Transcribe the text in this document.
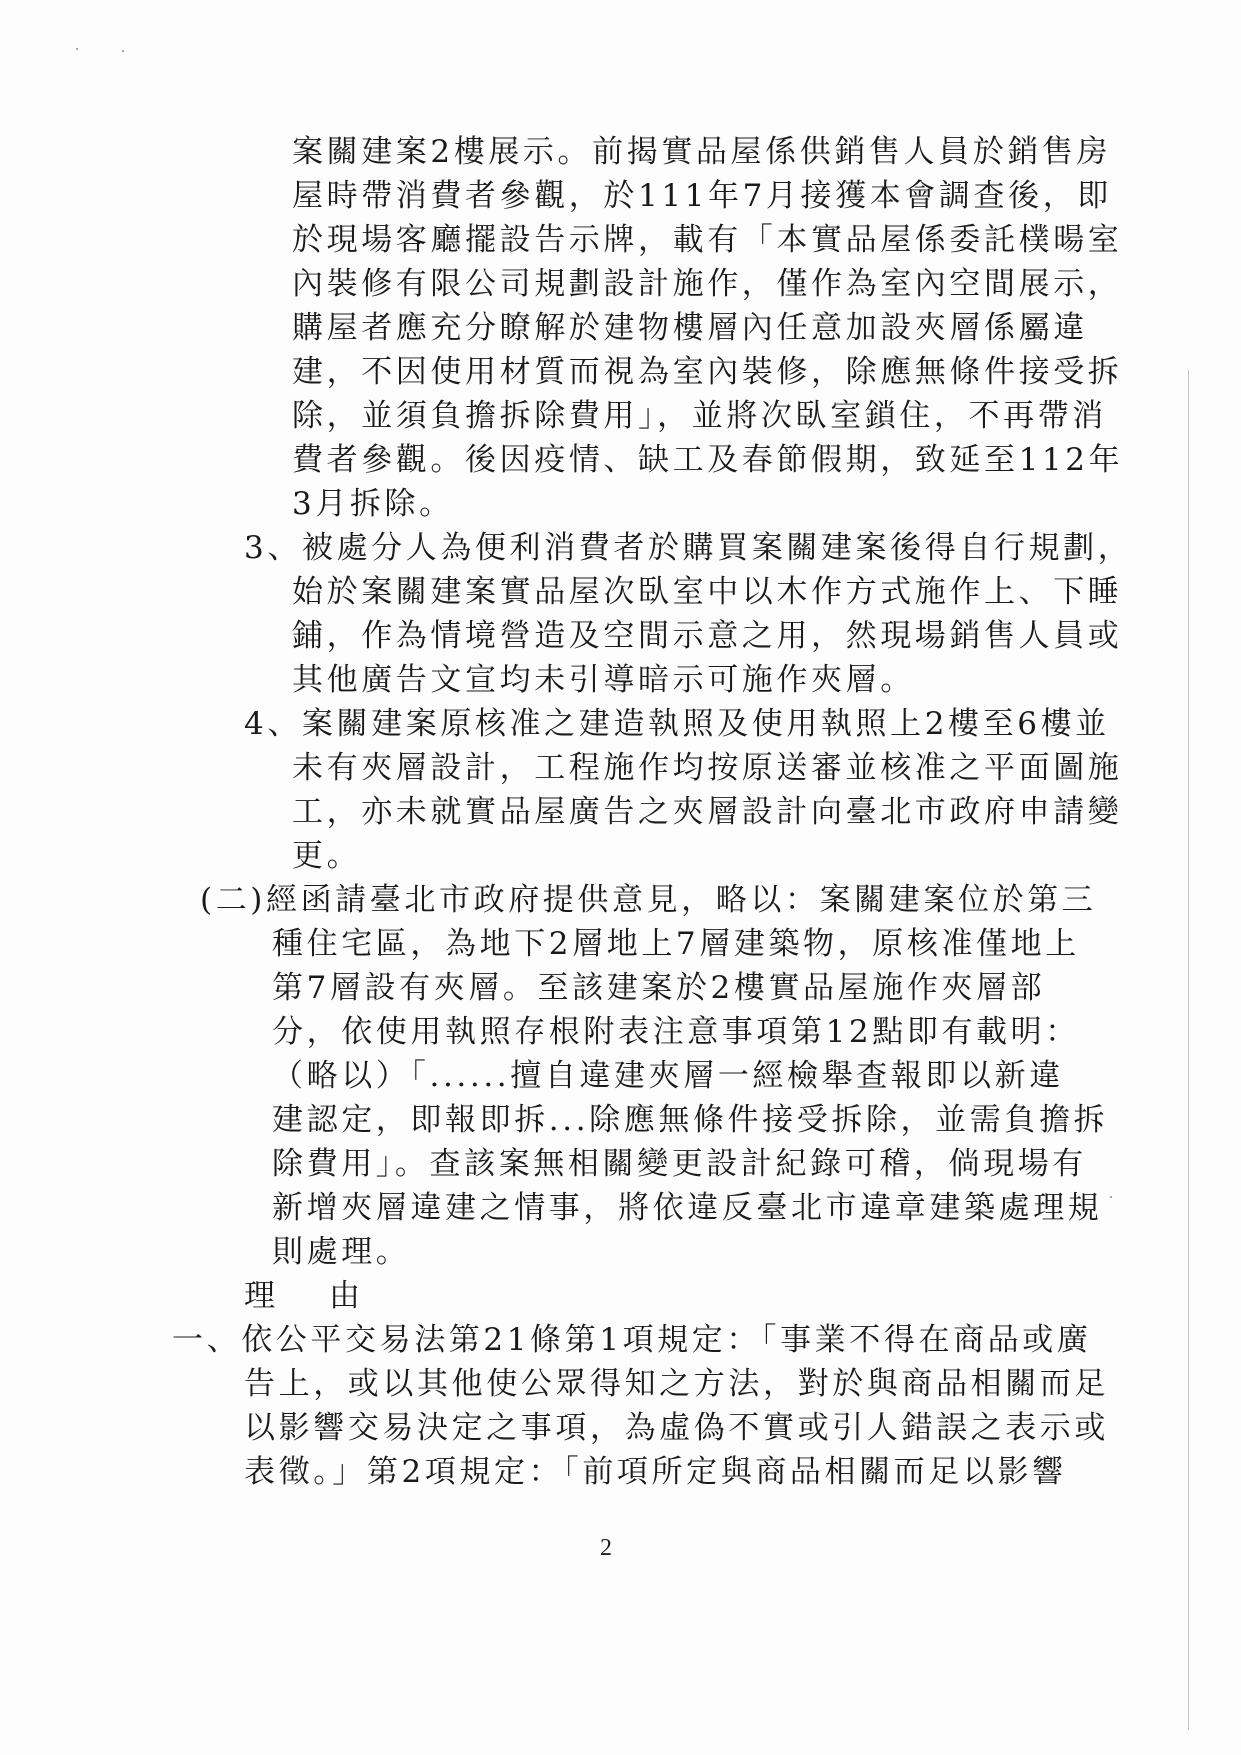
案關建案2樓展示。前揭實品屋係供銷售人員於銷售房
屋時帶消費者參觀，於111年7月接獲本會調查後，即
於現場客廳擺設告示牌，載有「本實品屋係委託樸暘室
內裝修有限公司規劃設計施作，僅作為室內空間展示，
購屋者應充分瞭解於建物樓層內任意加設夾層係屬違
建，不因使用材質而視為室內裝修，除應無條件接受拆
除，並須負擔拆除費用」，並將次臥室鎖住，不再帶消
費者參觀。後因疫情、缺工及春節假期，致延至112年
3月拆除。
3、被處分人為便利消費者於購買案關建案後得自行規劃，
始於案關建案實品屋次臥室中以木作方式施作上、下睡
鋪，作為情境營造及空間示意之用，然現場銷售人員或
其他廣告文宣均未引導暗示可施作夾層。
4、案關建案原核准之建造執照及使用執照上2樓至6樓並
未有夾層設計，工程施作均按原送審並核准之平面圖施
工，亦未就實品屋廣告之夾層設計向臺北市政府申請變
更。
(二)經函請臺北市政府提供意見，略以：案關建案位於第三
種住宅區，為地下2層地上7層建築物，原核准僅地上
第7層設有夾層。至該建案於2樓實品屋施作夾層部
分，依使用執照存根附表注意事項第12點即有載明：
（略以）「......擅自違建夾層一經檢舉查報即以新違
建認定，即報即拆...除應無條件接受拆除，並需負擔拆
除費用」。查該案無相關變更設計紀錄可稽，倘現場有
新增夾層違建之情事，將依違反臺北市違章建築處理規
則處理。
理 由
一、依公平交易法第21條第1項規定：「事業不得在商品或廣
告上，或以其他使公眾得知之方法，對於與商品相關而足
以影響交易決定之事項，為虛偽不實或引人錯誤之表示或
表徵。」第2項規定：「前項所定與商品相關而足以影響
2
